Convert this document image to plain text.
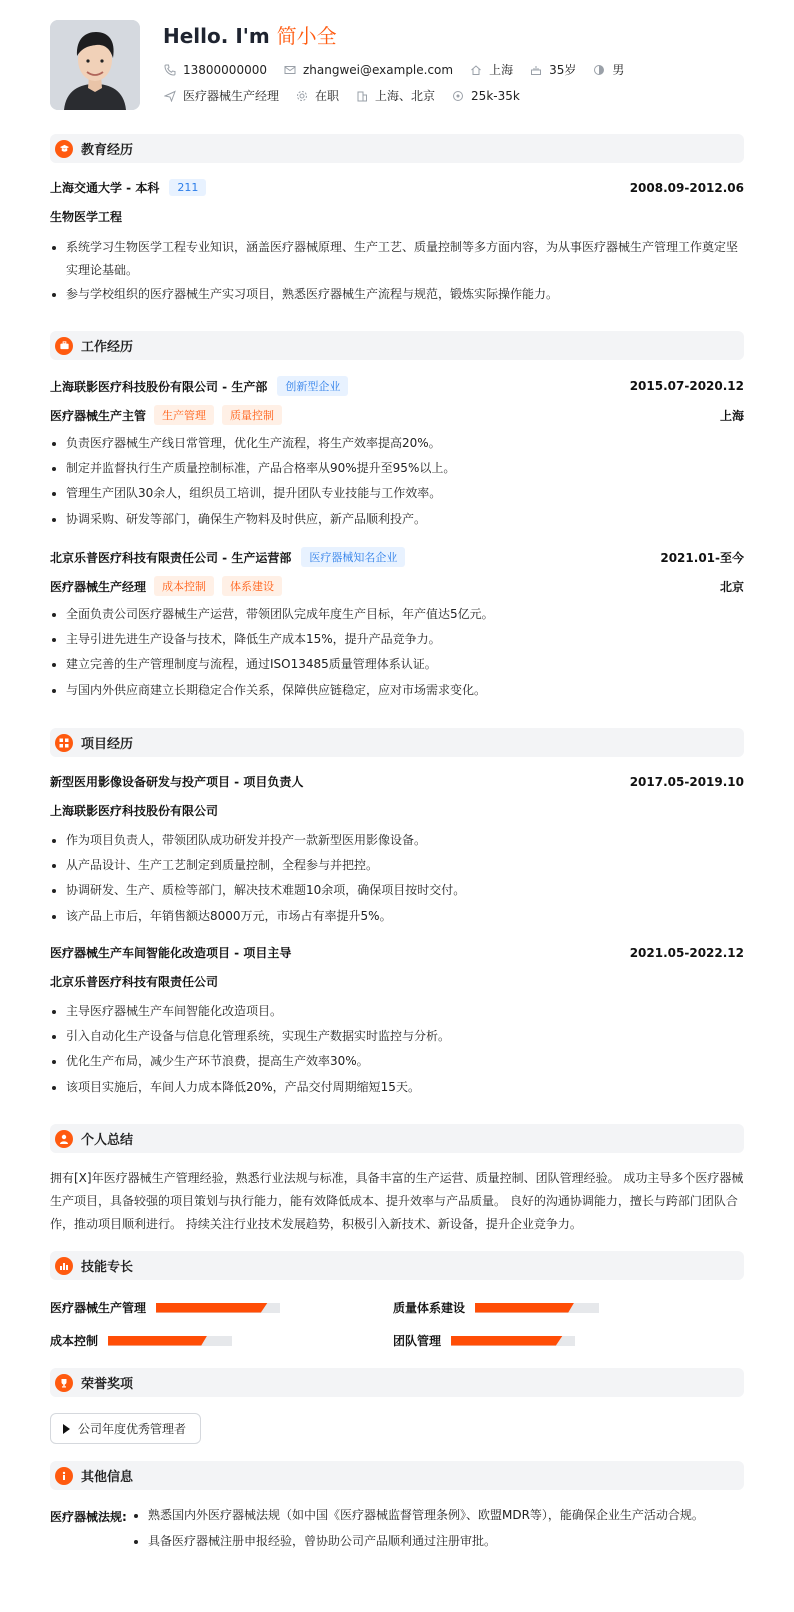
Hello. I'm 简小全
13800000000	zhangwei@example.com	上海	35岁	男
医疗器械生产经理	在职	上海、北京	25k-35k
教育经历
上海交通大学 - 本科	211	2008.09-2012.06
生物医学工程
系统学习生物医学工程专业知识，涵盖医疗器械原理、生产工艺、质量控制等多方面内容，为从事医疗器械生产管理工作奠定坚
实理论基础。
参与学校组织的医疗器械生产实习项目，熟悉医疗器械生产流程与规范，锻炼实际操作能力。
工作经历
上海联影医疗科技股份有限公司 - 生产部	创新型企业	2015.07-2020.12
医疗器械生产主管	生产管理	质量控制	上海
负责医疗器械生产线日常管理，优化生产流程，将生产效率提高20%。
制定并监督执行生产质量控制标准，产品合格率从90%提升至95%以上。
管理生产团队30余人，组织员工培训，提升团队专业技能与工作效率。
协调采购、研发等部门，确保生产物料及时供应，新产品顺利投产。
北京乐普医疗科技有限责任公司 - 生产运营部	医疗器械知名企业	2021.01-至今
医疗器械生产经理	成本控制	体系建设	北京
全面负责公司医疗器械生产运营，带领团队完成年度生产目标，年产值达5亿元。
主导引进先进生产设备与技术，降低生产成本15%，提升产品竞争力。
建立完善的生产管理制度与流程，通过ISO13485质量管理体系认证。
与国内外供应商建立长期稳定合作关系，保障供应链稳定，应对市场需求变化。
项目经历
新型医用影像设备研发与投产项目 - 项目负责人	2017.05-2019.10
上海联影医疗科技股份有限公司
作为项目负责人，带领团队成功研发并投产一款新型医用影像设备。
从产品设计、生产工艺制定到质量控制，全程参与并把控。
协调研发、生产、质检等部门，解决技术难题10余项，确保项目按时交付。
该产品上市后，年销售额达8000万元，市场占有率提升5%。
医疗器械生产车间智能化改造项目 - 项目主导	2021.05-2022.12
北京乐普医疗科技有限责任公司
主导医疗器械生产车间智能化改造项目。
引入自动化生产设备与信息化管理系统，实现生产数据实时监控与分析。
优化生产布局，减少生产环节浪费，提高生产效率30%。
该项目实施后，车间人力成本降低20%，产品交付周期缩短15天。
个人总结
拥有[X]年医疗器械生产管理经验，熟悉行业法规与标准，具备丰富的生产运营、质量控制、团队管理经验。 成功主导多个医疗器械
生产项目，具备较强的项目策划与执行能力，能有效降低成本、提升效率与产品质量。 良好的沟通协调能力，擅长与跨部门团队合
作，推动项目顺利进行。 持续关注行业技术发展趋势，积极引入新技术、新设备，提升企业竞争力。
技能专长
医疗器械生产管理	质量体系建设
成本控制	团队管理
荣誉奖项
公司年度优秀管理者
其他信息
医疗器械法规:	熟悉国内外医疗器械法规（如中国《医疗器械监督管理条例》、欧盟MDR等），能确保企业生产活动合规。
具备医疗器械注册申报经验，曾协助公司产品顺利通过注册审批。
